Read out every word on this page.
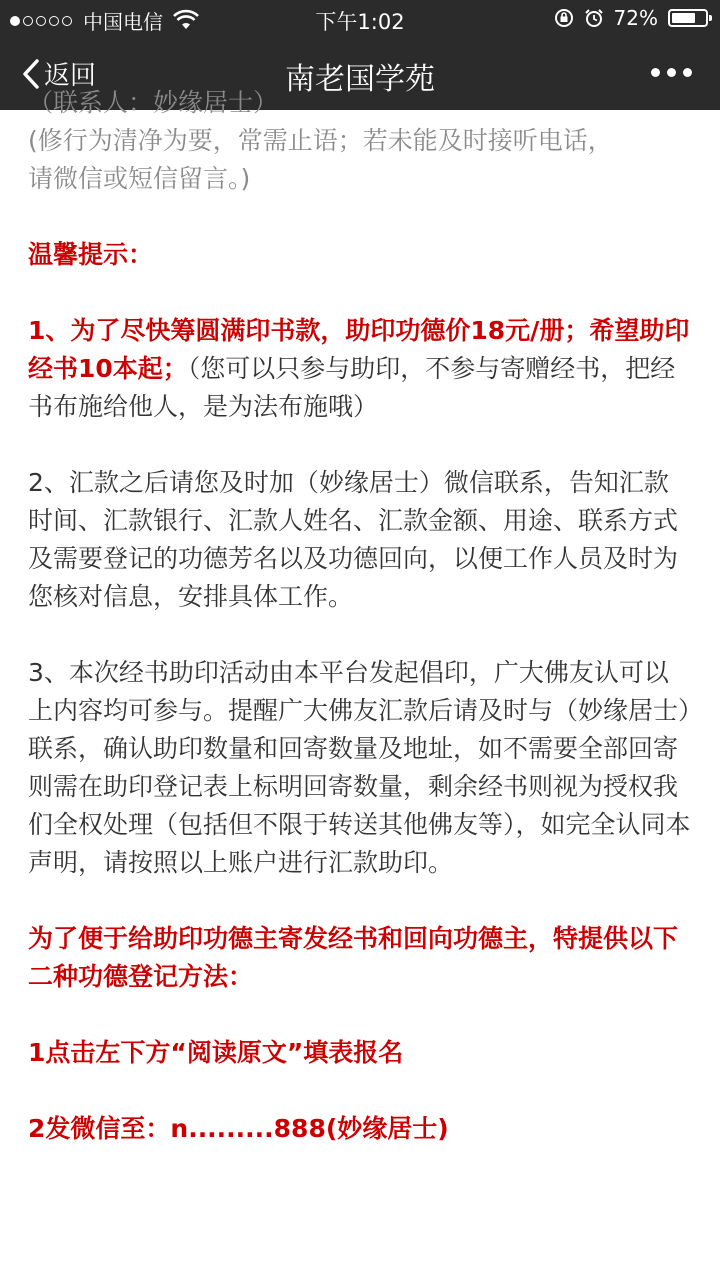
中国电信	下午1:02	72%
返回	南老国学苑
（联系人：妙缘居士）
(修行为清净为要，常需止语；若未能及时接听电话，
请微信或短信留言。)
温馨提示：
1、为了尽快筹圆满印书款，助印功德价18元/册；希望助印经书10本起；（您可以只参与助印，不参与寄赠经书，把经书布施给他人，是为法布施哦）
2、汇款之后请您及时加（妙缘居士）微信联系，告知汇款时间、汇款银行、汇款人姓名、汇款金额、用途、联系方式及需要登记的功德芳名以及功德回向，以便工作人员及时为您核对信息，安排具体工作。
3、本次经书助印活动由本平台发起倡印，广大佛友认可以上内容均可参与。提醒广大佛友汇款后请及时与（妙缘居士）联系，确认助印数量和回寄数量及地址，如不需要全部回寄则需在助印登记表上标明回寄数量，剩余经书则视为授权我们全权处理（包括但不限于转送其他佛友等），如完全认同本声明，请按照以上账户进行汇款助印。
为了便于给助印功德主寄发经书和回向功德主，特提供以下二种功德登记方法：
1点击左下方“阅读原文”填表报名
2发微信至：n.........888(妙缘居士)
